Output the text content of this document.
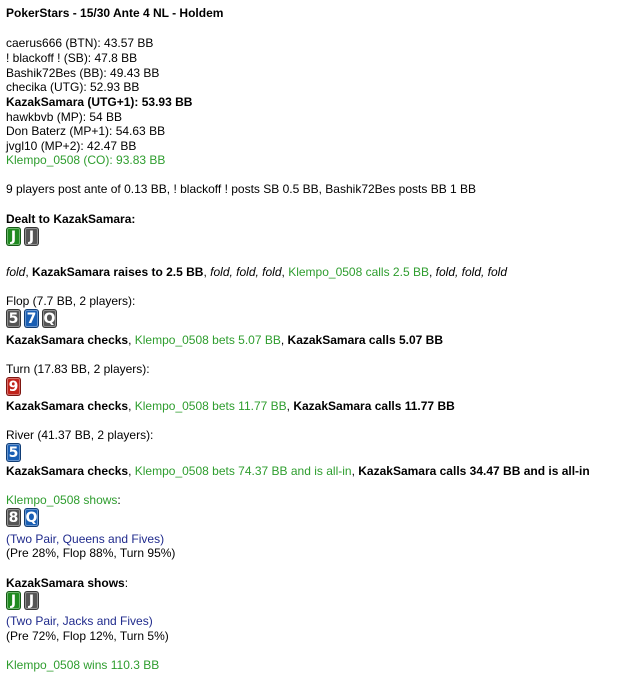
PokerStars - 15/30 Ante 4 NL - Holdem
caerus666 (BTN): 43.57 BB
! blackoff ! (SB): 47.8 BB
Bashik72Bes (BB): 49.43 BB
checika (UTG): 52.93 BB
KazakSamara (UTG+1): 53.93 BB
hawkbvb (MP): 54 BB
Don Baterz (MP+1): 54.63 BB
jvgl10 (MP+2): 42.47 BB
Klempo_0508 (CO): 93.83 BB
9 players post ante of 0.13 BB, ! blackoff ! posts SB 0.5 BB, Bashik72Bes posts BB 1 BB
Dealt to KazakSamara:
J J
fold, KazakSamara raises to 2.5 BB, fold, fold, fold, Klempo_0508 calls 2.5 BB, fold, fold, fold
Flop (7.7 BB, 2 players):
5 7 Q
KazakSamara checks, Klempo_0508 bets 5.07 BB, KazakSamara calls 5.07 BB
Turn (17.83 BB, 2 players):
9
KazakSamara checks, Klempo_0508 bets 11.77 BB, KazakSamara calls 11.77 BB
River (41.37 BB, 2 players):
5
KazakSamara checks, Klempo_0508 bets 74.37 BB and is all-in, KazakSamara calls 34.47 BB and is all-in
Klempo_0508 shows:
8 Q
(Two Pair, Queens and Fives)
(Pre 28%, Flop 88%, Turn 95%)
KazakSamara shows:
J J
(Two Pair, Jacks and Fives)
(Pre 72%, Flop 12%, Turn 5%)
Klempo_0508 wins 110.3 BB
